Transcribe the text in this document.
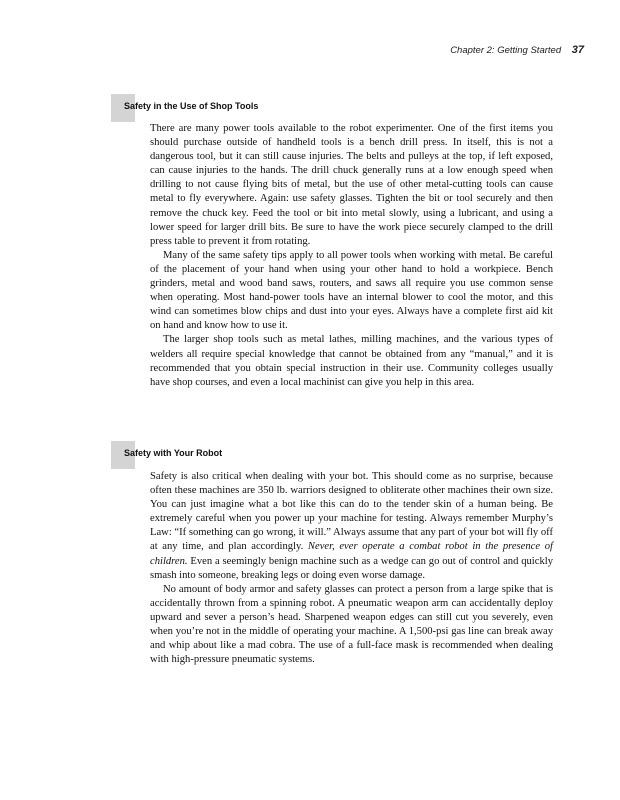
Chapter 2: Getting Started 37
Safety in the Use of Shop Tools

There are many power tools available to the robot experimenter. One of the first items you should purchase outside of handheld tools is a bench drill press. In itself, this is not a dangerous tool, but it can still cause injuries. The belts and pulleys at the top, if left exposed, can cause injuries to the hands. The drill chuck generally runs at a low enough speed when drilling to not cause flying bits of metal, but the use of other metal-cutting tools can cause metal to fly everywhere. Again: use safety glasses. Tighten the bit or tool securely and then remove the chuck key. Feed the tool or bit into metal slowly, using a lubricant, and using a lower speed for larger drill bits. Be sure to have the work piece securely clamped to the drill press table to prevent it from rotating.

Many of the same safety tips apply to all power tools when working with metal. Be careful of the placement of your hand when using your other hand to hold a workpiece. Bench grinders, metal and wood band saws, routers, and saws all require you use common sense when operating. Most hand-power tools have an internal blower to cool the motor, and this wind can sometimes blow chips and dust into your eyes. Always have a complete first aid kit on hand and know how to use it.

The larger shop tools such as metal lathes, milling machines, and the various types of welders all require special knowledge that cannot be obtained from any “manual,” and it is recommended that you obtain special instruction in their use. Community colleges usually have shop courses, and even a local machinist can give you help in this area.

Safety with Your Robot

Safety is also critical when dealing with your bot. This should come as no surprise, because often these machines are 350 lb. warriors designed to obliterate other machines their own size. You can just imagine what a bot like this can do to the tender skin of a human being. Be extremely careful when you power up your machine for testing. Always remember Murphy’s Law: “If something can go wrong, it will.” Always assume that any part of your bot will fly off at any time, and plan accordingly. Never, ever operate a combat robot in the presence of children. Even a seemingly benign machine such as a wedge can go out of control and quickly smash into someone, breaking legs or doing even worse damage.

No amount of body armor and safety glasses can protect a person from a large spike that is accidentally thrown from a spinning robot. A pneumatic weapon arm can accidentally deploy upward and sever a person’s head. Sharpened weapon edges can still cut you severely, even when you’re not in the middle of operating your machine. A 1,500-psi gas line can break away and whip about like a mad cobra. The use of a full-face mask is recommended when dealing with high-pressure pneumatic systems.
